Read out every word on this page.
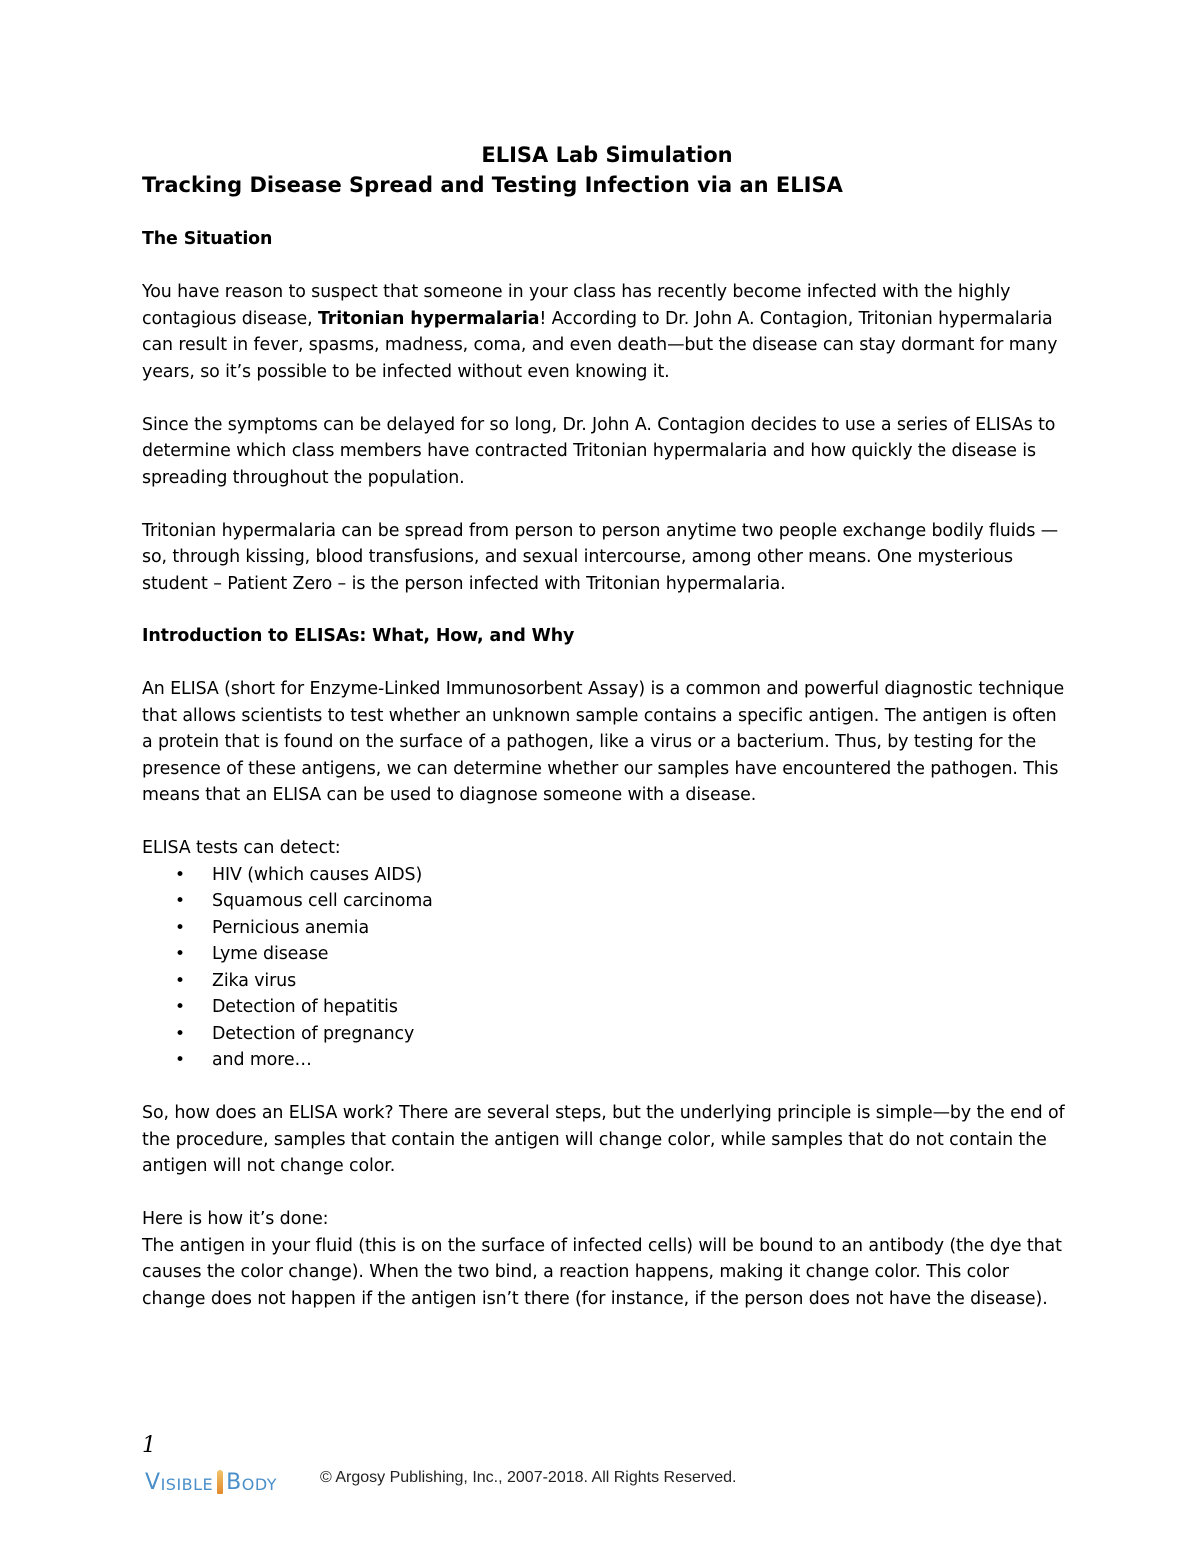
ELISA Lab Simulation

Tracking Disease Spread and Testing Infection via an ELISA

The Situation

You have reason to suspect that someone in your class has recently become infected with the highly contagious disease, Tritonian hypermalaria! According to Dr. John A. Contagion, Tritonian hypermalaria can result in fever, spasms, madness, coma, and even death—but the disease can stay dormant for many years, so it’s possible to be infected without even knowing it.

Since the symptoms can be delayed for so long, Dr. John A. Contagion decides to use a series of ELISAs to determine which class members have contracted Tritonian hypermalaria and how quickly the disease is spreading throughout the population.

Tritonian hypermalaria can be spread from person to person anytime two people exchange bodily fluids —so, through kissing, blood transfusions, and sexual intercourse, among other means. One mysterious student – Patient Zero – is the person infected with Tritonian hypermalaria.

Introduction to ELISAs: What, How, and Why

An ELISA (short for Enzyme-Linked Immunosorbent Assay) is a common and powerful diagnostic technique that allows scientists to test whether an unknown sample contains a specific antigen. The antigen is often a protein that is found on the surface of a pathogen, like a virus or a bacterium. Thus, by testing for the presence of these antigens, we can determine whether our samples have encountered the pathogen. This means that an ELISA can be used to diagnose someone with a disease.

ELISA tests can detect:

• HIV (which causes AIDS)
• Squamous cell carcinoma
• Pernicious anemia
• Lyme disease
• Zika virus
• Detection of hepatitis
• Detection of pregnancy
• and more…

So, how does an ELISA work? There are several steps, but the underlying principle is simple—by the end of the procedure, samples that contain the antigen will change color, while samples that do not contain the antigen will not change color.

Here is how it’s done:

The antigen in your fluid (this is on the surface of infected cells) will be bound to an antibody (the dye that causes the color change). When the two bind, a reaction happens, making it change color. This color change does not happen if the antigen isn’t there (for instance, if the person does not have the disease).

1
V ISIBLE B ODY	© Argosy Publishing, Inc., 2007-2018. All Rights Reserved.
